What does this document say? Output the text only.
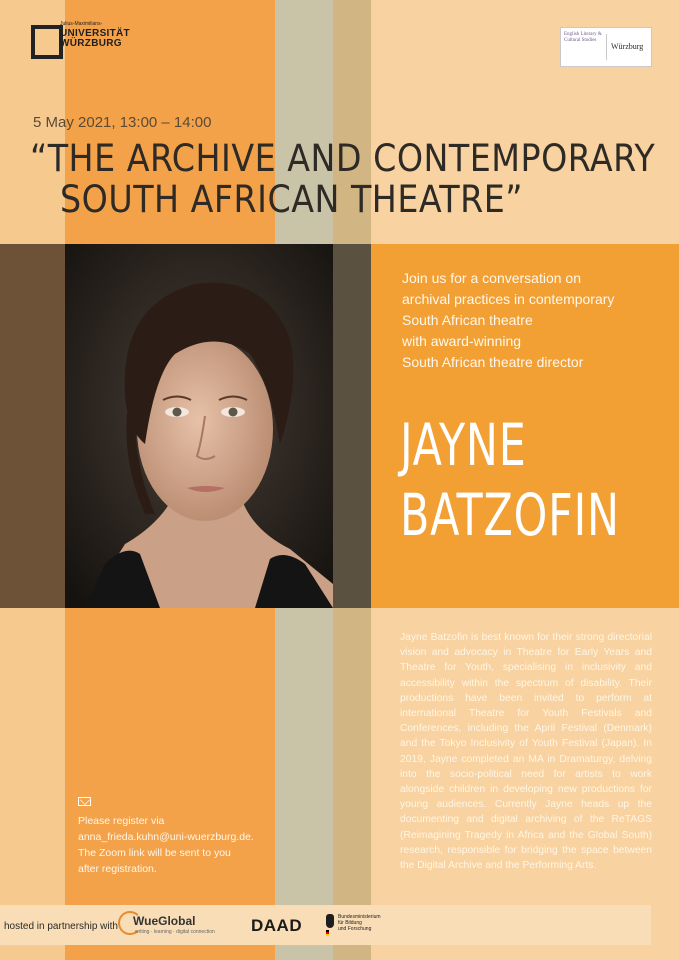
Julius-Maximilians-
UNIVERSITÄT
WÜRZBURG
English Literary & Cultural Studies
Würzburg
5 May 2021, 13:00 – 14:00
“THE ARCHIVE AND CONTEMPORARY
SOUTH AFRICAN THEATRE”
Join us for a conversation on
archival practices in contemporary
South African theatre
with award-winning
South African theatre director
JAYNE
BATZOFIN
Jayne Batzofin is best known for their strong directorial vision and advocacy in Theatre for Early Years and Theatre for Youth, specialising in inclusivity and accessibility within the spectrum of disability. Their productions have been invited to perform at international Theatre for Youth Festivals and Conferences, including the April Festival (Denmark) and the Tokyo Inclusivity of Youth Festival (Japan). In 2019, Jayne completed an MA in Dramaturgy, delving into the socio-political need for artists to work alongside children in developing new productions for young audiences. Currently Jayne heads up the documenting and digital archiving of the ReTAGS (Reimagining Tragedy in Africa and the Global South) research, responsible for bridging the space between the Digital Archive and the Performing Arts.
Please register via
anna_frieda.kuhn@uni-wuerzburg.de.
The Zoom link will be sent to you
after registration.
hosted in partnership with WueGlobal
writing · learning · digital connection DAAD	Bundesministerium
für Bildung
und Forschung
